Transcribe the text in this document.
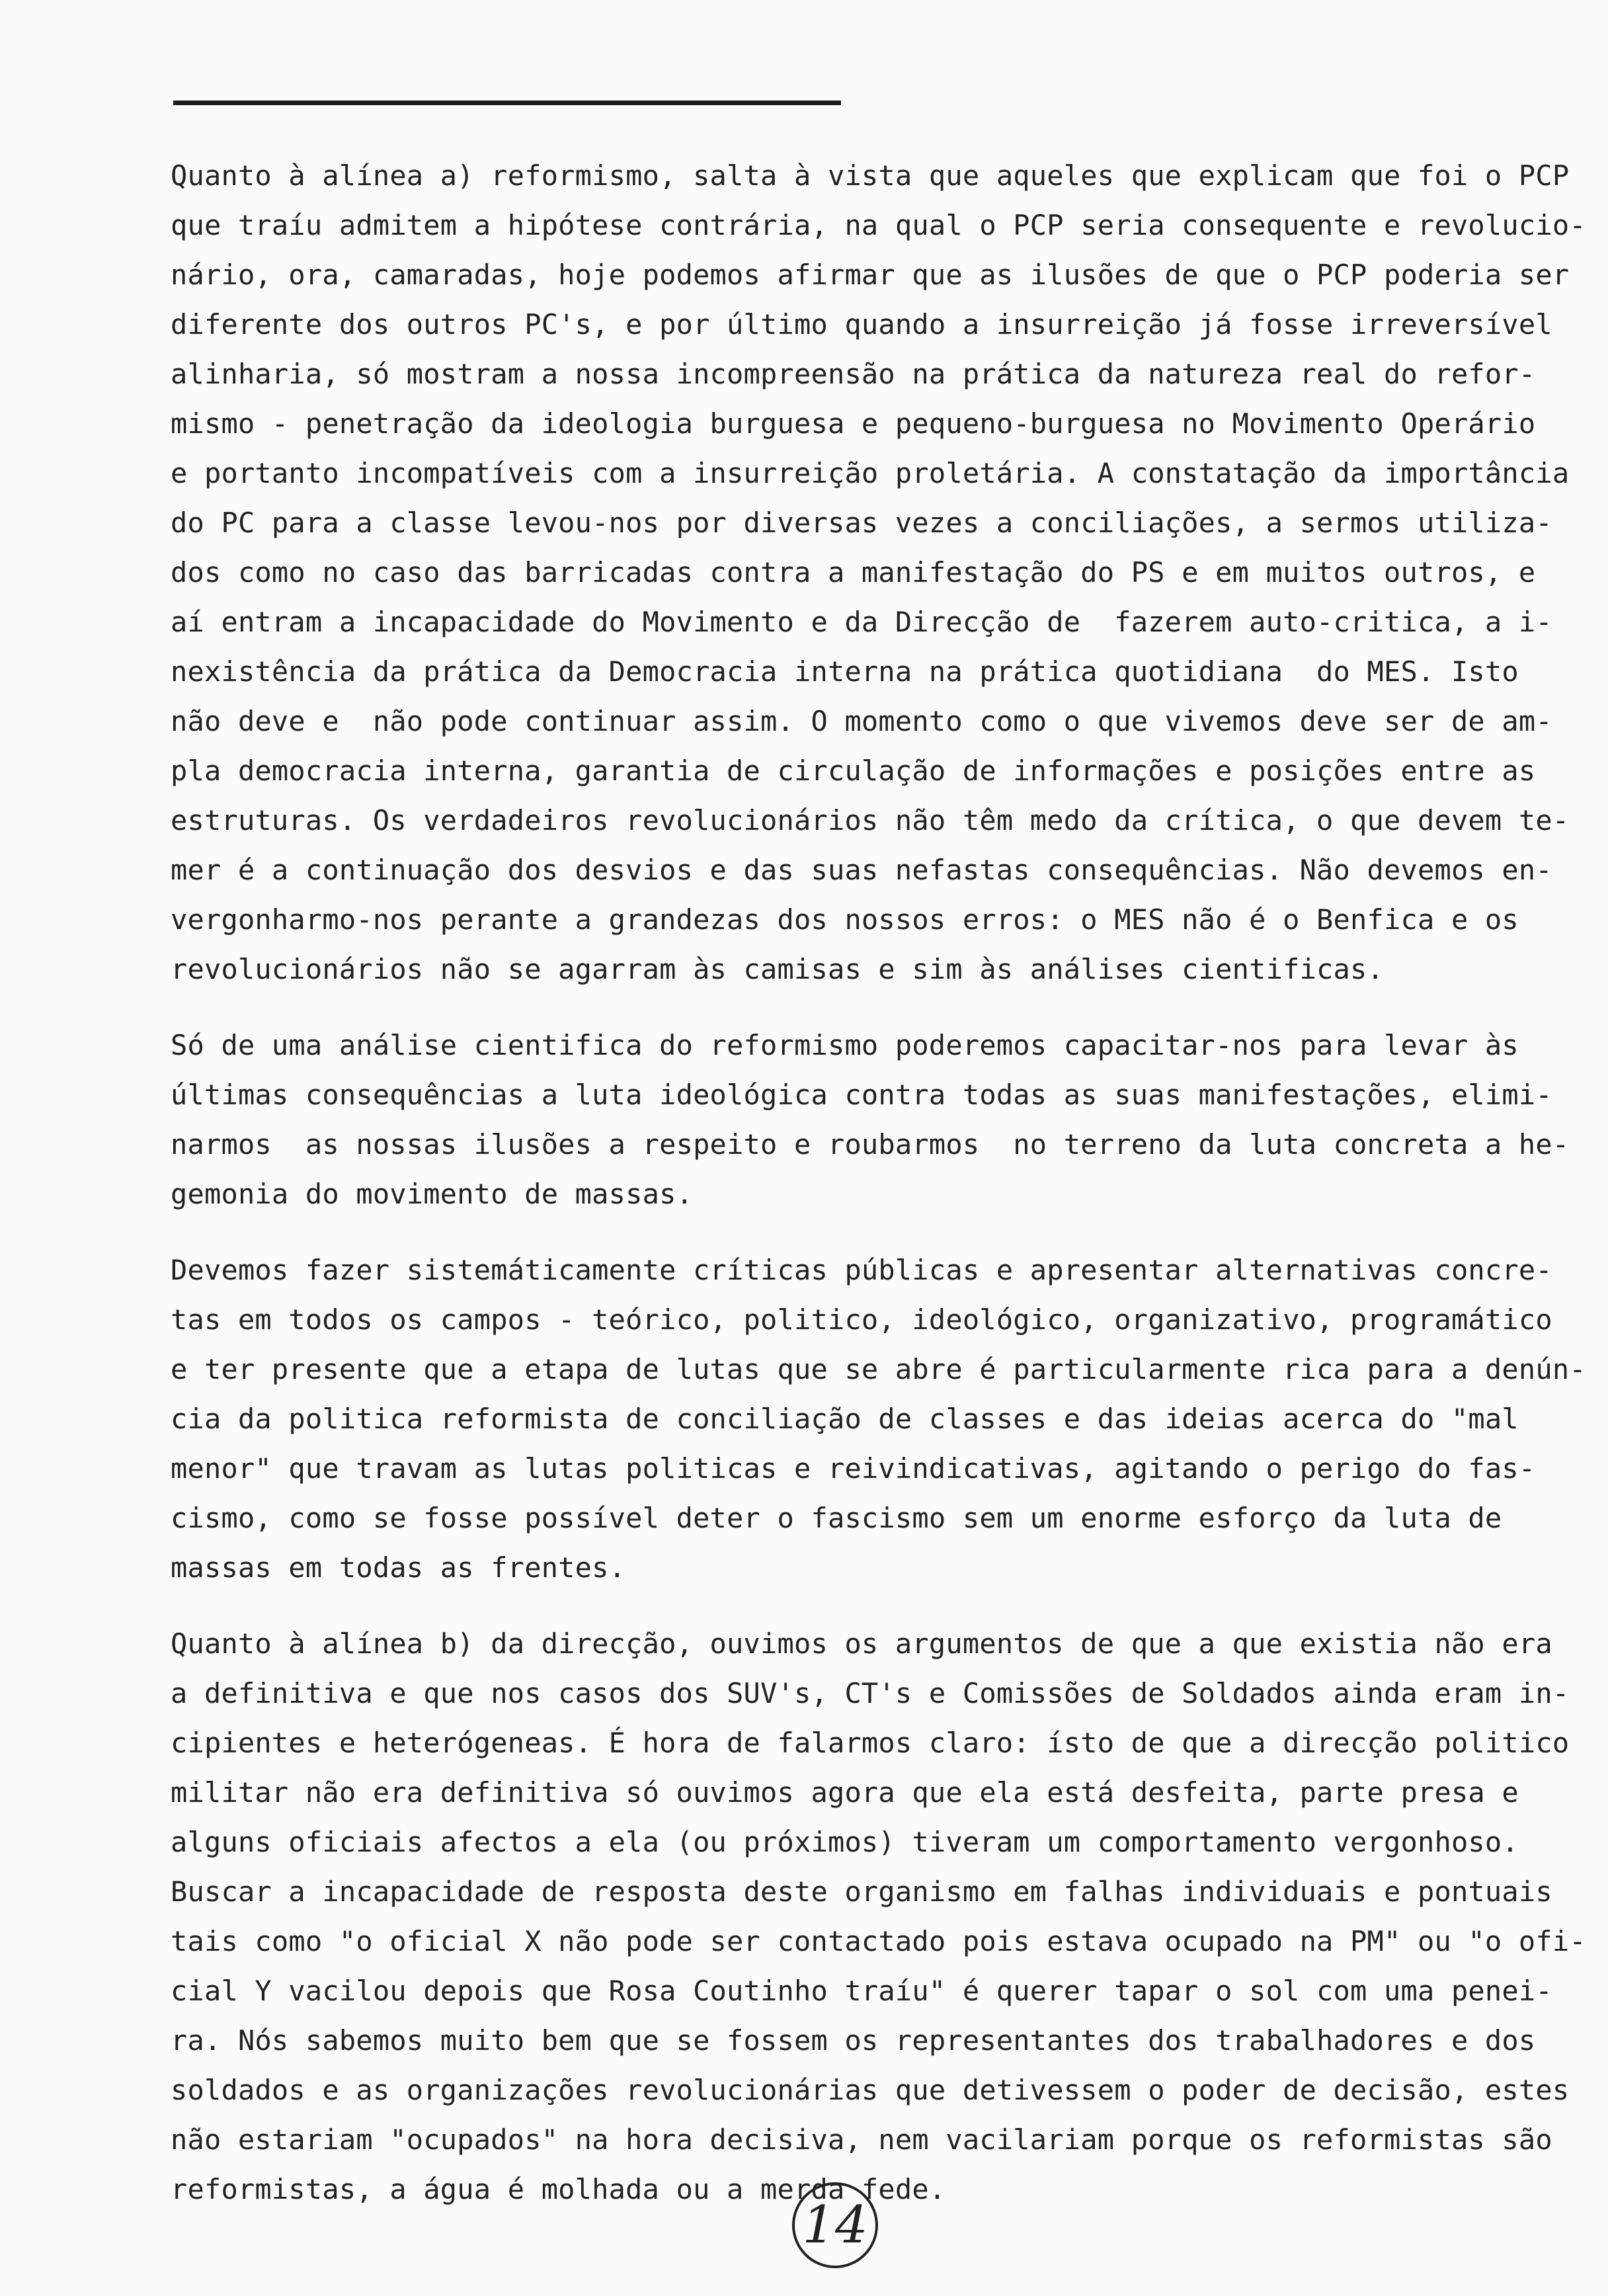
Quanto à alínea a) reformismo, salta à vista que aqueles que explicam que foi o PCP
que traíu admitem a hipótese contrária, na qual o PCP seria consequente e revolucio-
nário, ora, camaradas, hoje podemos afirmar que as ilusões de que o PCP poderia ser
diferente dos outros PC's, e por último quando a insurreição já fosse irreversível
alinharia, só mostram a nossa incompreensão na prática da natureza real do refor-
mismo - penetração da ideologia burguesa e pequeno-burguesa no Movimento Operário
e portanto incompatíveis com a insurreição proletária. A constatação da importância
do PC para a classe levou-nos por diversas vezes a conciliações, a sermos utiliza-
dos como no caso das barricadas contra a manifestação do PS e em muitos outros, e
aí entram a incapacidade do Movimento e da Direcção de  fazerem auto-critica, a i-
nexistência da prática da Democracia interna na prática quotidiana  do MES. Isto
não deve e  não pode continuar assim. O momento como o que vivemos deve ser de am-
pla democracia interna, garantia de circulação de informações e posições entre as
estruturas. Os verdadeiros revolucionários não têm medo da crítica, o que devem te-
mer é a continuação dos desvios e das suas nefastas consequências. Não devemos en-
vergonharmo-nos perante a grandezas dos nossos erros: o MES não é o Benfica e os
revolucionários não se agarram às camisas e sim às análises cientificas.
Só de uma análise cientifica do reformismo poderemos capacitar-nos para levar às
últimas consequências a luta ideológica contra todas as suas manifestações, elimi-
narmos  as nossas ilusões a respeito e roubarmos  no terreno da luta concreta a he-
gemonia do movimento de massas.
Devemos fazer sistemáticamente críticas públicas e apresentar alternativas concre-
tas em todos os campos - teórico, politico, ideológico, organizativo, programático
e ter presente que a etapa de lutas que se abre é particularmente rica para a denún-
cia da politica reformista de conciliação de classes e das ideias acerca do "mal
menor" que travam as lutas politicas e reivindicativas, agitando o perigo do fas-
cismo, como se fosse possível deter o fascismo sem um enorme esforço da luta de
massas em todas as frentes.
Quanto à alínea b) da direcção, ouvimos os argumentos de que a que existia não era
a definitiva e que nos casos dos SUV's, CT's e Comissões de Soldados ainda eram in-
cipientes e heterógeneas. É hora de falarmos claro: ísto de que a direcção politico
militar não era definitiva só ouvimos agora que ela está desfeita, parte presa e
alguns oficiais afectos a ela (ou próximos) tiveram um comportamento vergonhoso.
Buscar a incapacidade de resposta deste organismo em falhas individuais e pontuais
tais como "o oficial X não pode ser contactado pois estava ocupado na PM" ou "o ofi-
cial Y vacilou depois que Rosa Coutinho traíu" é querer tapar o sol com uma penei-
ra. Nós sabemos muito bem que se fossem os representantes dos trabalhadores e dos
soldados e as organizações revolucionárias que detivessem o poder de decisão, estes
não estariam "ocupados" na hora decisiva, nem vacilariam porque os reformistas são
reformistas, a água é molhada ou a merda fede.
14
